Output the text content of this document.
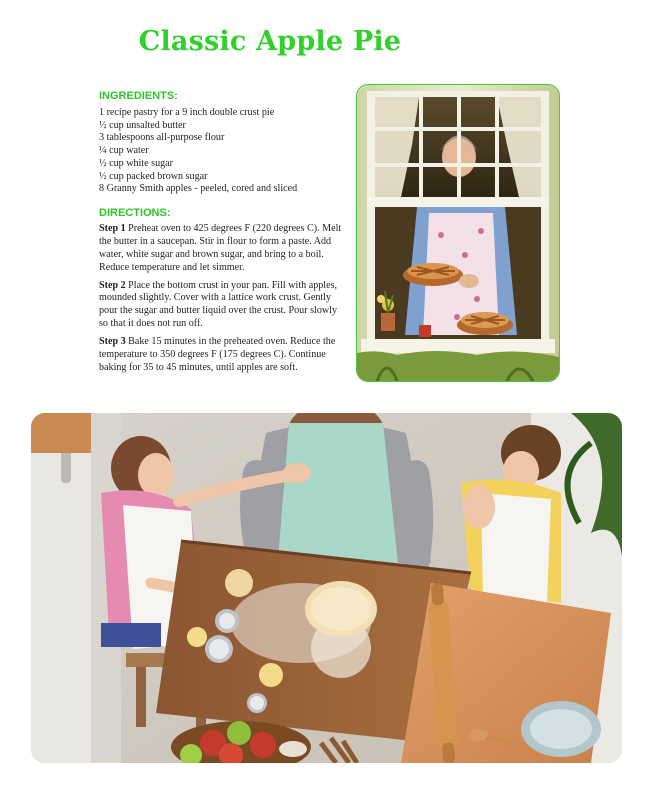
Classic Apple Pie
INGREDIENTS:
1 recipe pastry for a 9 inch double crust pie
½ cup unsalted butter
3 tablespoons all-purpose flour
¼ cup water
½ cup white sugar
½ cup packed brown sugar
8 Granny Smith apples - peeled, cored and sliced
DIRECTIONS:

Step 1 Preheat oven to 425 degrees F (220 degrees C). Melt the butter in a saucepan. Stir in flour to form a paste. Add water, white sugar and brown sugar, and bring to a boil. Reduce temperature and let simmer.

Step 2 Place the bottom crust in your pan. Fill with apples, mounded slightly. Cover with a lattice work crust. Gently pour the sugar and butter liquid over the crust. Pour slowly so that it does not run off.

Step 3 Bake 15 minutes in the preheated oven. Reduce the temperature to 350 degrees F (175 degrees C). Continue baking for 35 to 45 minutes, until apples are soft.
